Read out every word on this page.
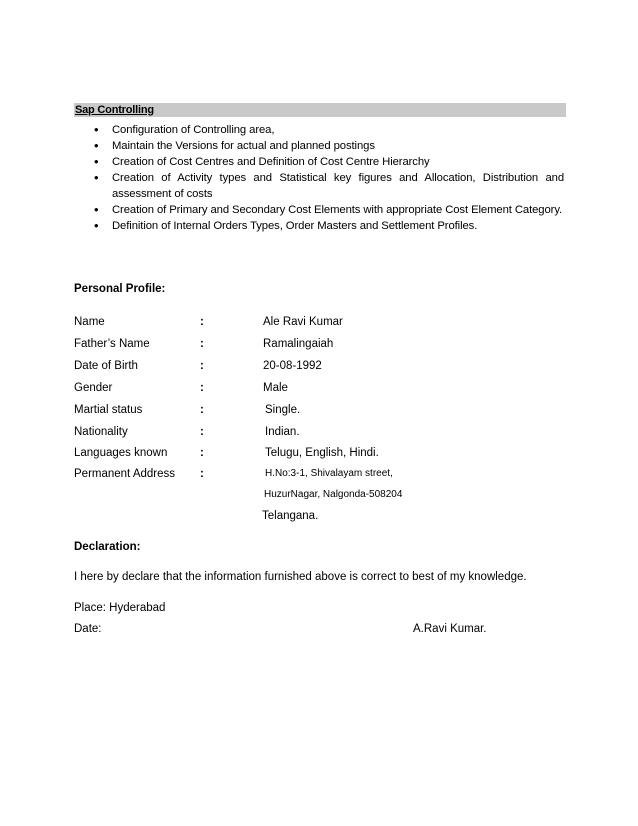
Sap Controlling
• Configuration of Controlling area,
• Maintain the Versions for actual and planned postings
• Creation of Cost Centres and Definition of Cost Centre Hierarchy
• Creation of Activity types and Statistical key figures and Allocation, Distribution and assessment of costs
• Creation of Primary and Secondary Cost Elements with appropriate Cost Element Category.
• Definition of Internal Orders Types, Order Masters and Settlement Profiles.
Personal Profile:
Name	:	Ale Ravi Kumar
Father’s Name	:	Ramalingaiah
Date of Birth	:	20-08-1992
Gender	:	Male
Martial status	:	Single.
Nationality	:	Indian.
Languages known	:	Telugu, English, Hindi.
Permanent Address :	H.No:3-1, Shivalayam street,
HuzurNagar, Nalgonda-508204
Telangana.
Declaration:
I here by declare that the information furnished above is correct to best of my knowledge.
Place: Hyderabad
Date:	A.Ravi Kumar.
